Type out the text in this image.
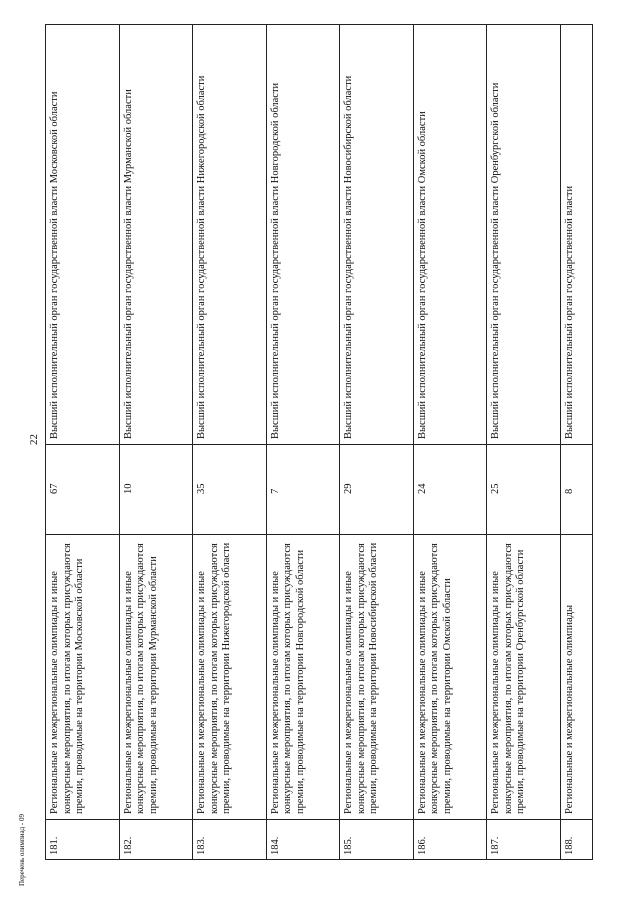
22
181.	Региональные и межрегиональные олимпиады и иные конкурсные мероприятия, по итогам которых присуждаются премии, проводимые на территории Московской области	67	Высший исполнительный орган государственной власти Московской области
182.	Региональные и межрегиональные олимпиады и иные конкурсные мероприятия, по итогам которых присуждаются премии, проводимые на территории Мурманской области	10	Высший исполнительный орган государственной власти Мурманской области
183.	Региональные и межрегиональные олимпиады и иные конкурсные мероприятия, по итогам которых присуждаются премии, проводимые на территории Нижегородской области	35	Высший исполнительный орган государственной власти Нижегородской области
184.	Региональные и межрегиональные олимпиады и иные конкурсные мероприятия, по итогам которых присуждаются премии, проводимые на территории Новгородской области	7	Высший исполнительный орган государственной власти Новгородской области
185.	Региональные и межрегиональные олимпиады и иные конкурсные мероприятия, по итогам которых присуждаются премии, проводимые на территории Новосибирской области	29	Высший исполнительный орган государственной власти Новосибирской области
186.	Региональные и межрегиональные олимпиады и иные конкурсные мероприятия, по итогам которых присуждаются премии, проводимые на территории Омской области	24	Высший исполнительный орган государственной власти Омской области
187.	Региональные и межрегиональные олимпиады и иные конкурсные мероприятия, по итогам которых присуждаются премии, проводимые на территории Оренбургской области	25	Высший исполнительный орган государственной власти Оренбургской области
188.	Региональные и межрегиональные олимпиады	8	Высший исполнительный орган государственной власти
Перечень олимпиад - 09
